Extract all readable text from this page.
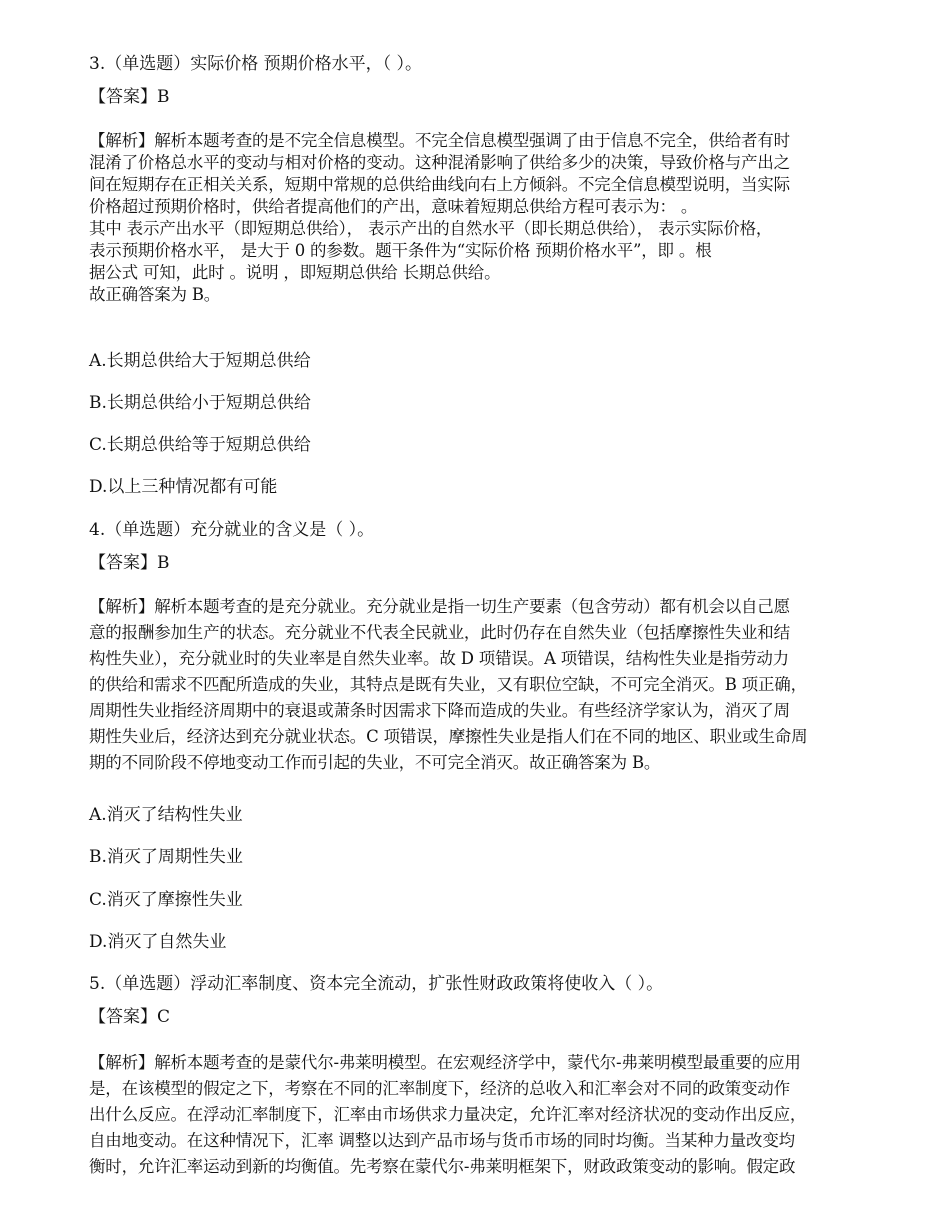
3.（单选题）实际价格 预期价格水平，（ ）。
【答案】B

【解析】解析本题考查的是不完全信息模型。不完全信息模型强调了由于信息不完全，供给者有时

混淆了价格总水平的变动与相对价格的变动。这种混淆影响了供给多少的决策，导致价格与产出之

间在短期存在正相关关系，短期中常规的总供给曲线向右上方倾斜。不完全信息模型说明，当实际

价格超过预期价格时，供给者提高他们的产出，意味着短期总供给方程可表示为： 。

其中 表示产出水平（即短期总供给）， 表示产出的自然水平（即长期总供给）， 表示实际价格，

表示预期价格水平， 是大于 0 的参数。题干条件为“实际价格 预期价格水平”，即 。根

据公式 可知，此时 。说明 ，即短期总供给 长期总供给。

故正确答案为 B。

A.长期总供给大于短期总供给
B.长期总供给小于短期总供给
C.长期总供给等于短期总供给
D.以上三种情况都有可能
4.（单选题）充分就业的含义是（ ）。
【答案】B

【解析】解析本题考查的是充分就业。充分就业是指一切生产要素（包含劳动）都有机会以自己愿

意的报酬参加生产的状态。充分就业不代表全民就业，此时仍存在自然失业（包括摩擦性失业和结

构性失业），充分就业时的失业率是自然失业率。故 D 项错误。A 项错误，结构性失业是指劳动力

的供给和需求不匹配所造成的失业，其特点是既有失业，又有职位空缺，不可完全消灭。B 项正确，

周期性失业指经济周期中的衰退或萧条时因需求下降而造成的失业。有些经济学家认为，消灭了周

期性失业后，经济达到充分就业状态。C 项错误，摩擦性失业是指人们在不同的地区、职业或生命周

期的不同阶段不停地变动工作而引起的失业，不可完全消灭。故正确答案为 B。

A.消灭了结构性失业
B.消灭了周期性失业
C.消灭了摩擦性失业
D.消灭了自然失业
5.（单选题）浮动汇率制度、资本完全流动，扩张性财政政策将使收入（ ）。
【答案】C

【解析】解析本题考查的是蒙代尔-弗莱明模型。在宏观经济学中，蒙代尔-弗莱明模型最重要的应用

是，在该模型的假定之下，考察在不同的汇率制度下，经济的总收入和汇率会对不同的政策变动作

出什么反应。在浮动汇率制度下，汇率由市场供求力量决定，允许汇率对经济状况的变动作出反应，

自由地变动。在这种情况下，汇率 调整以达到产品市场与货币市场的同时均衡。当某种力量改变均

衡时，允许汇率运动到新的均衡值。先考察在蒙代尔-弗莱明框架下，财政政策变动的影响。假定政
